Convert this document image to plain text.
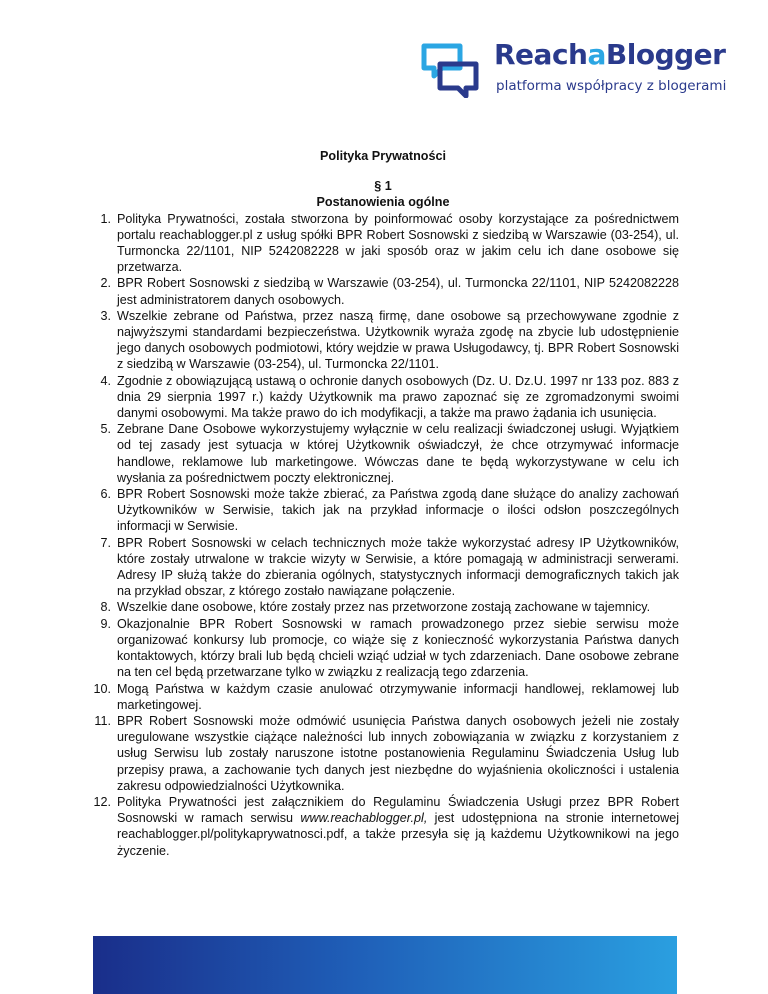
ReachaBlogger
platforma współpracy z blogerami

Polityka Prywatności

§ 1

Postanowienia ogólne

1. Polityka Prywatności, została stworzona by poinformować osoby korzystające za pośrednictwem portalu reachablogger.pl z usług spółki BPR Robert Sosnowski z siedzibą w Warszawie (03-254), ul. Turmoncka 22/1101, NIP 5242082228 w jaki sposób oraz w jakim celu ich dane osobowe się przetwarza.
2. BPR Robert Sosnowski z siedzibą w Warszawie (03-254), ul. Turmoncka 22/1101, NIP 5242082228 jest administratorem danych osobowych.
3. Wszelkie zebrane od Państwa, przez naszą firmę, dane osobowe są przechowywane zgodnie z najwyższymi standardami bezpieczeństwa. Użytkownik wyraża zgodę na zbycie lub udostępnienie jego danych osobowych podmiotowi, który wejdzie w prawa Usługodawcy, tj. BPR Robert Sosnowski z siedzibą w Warszawie (03-254), ul. Turmoncka 22/1101.
4. Zgodnie z obowiązującą ustawą o ochronie danych osobowych (Dz. U. Dz.U. 1997 nr 133 poz. 883 z dnia 29 sierpnia 1997 r.) każdy Użytkownik ma prawo zapoznać się ze zgromadzonymi swoimi danymi osobowymi. Ma także prawo do ich modyfikacji, a także ma prawo żądania ich usunięcia.
5. Zebrane Dane Osobowe wykorzystujemy wyłącznie w celu realizacji świadczonej usługi. Wyjątkiem od tej zasady jest sytuacja w której Użytkownik oświadczył, że chce otrzymywać informacje handlowe, reklamowe lub marketingowe. Wówczas dane te będą wykorzystywane w celu ich wysłania za pośrednictwem poczty elektronicznej.
6. BPR Robert Sosnowski może także zbierać, za Państwa zgodą dane służące do analizy zachowań Użytkowników w Serwisie, takich jak na przykład informacje o ilości odsłon poszczególnych informacji w Serwisie.
7. BPR Robert Sosnowski w celach technicznych może także wykorzystać adresy IP Użytkowników, które zostały utrwalone w trakcie wizyty w Serwisie, a które pomagają w administracji serwerami. Adresy IP służą także do zbierania ogólnych, statystycznych informacji demograficznych takich jak na przykład obszar, z którego zostało nawiązane połączenie.
8. Wszelkie dane osobowe, które zostały przez nas przetworzone zostają zachowane w tajemnicy.
9. Okazjonalnie BPR Robert Sosnowski w ramach prowadzonego przez siebie serwisu może organizować konkursy lub promocje, co wiąże się z konieczność wykorzystania Państwa danych kontaktowych, którzy brali lub będą chcieli wziąć udział w tych zdarzeniach. Dane osobowe zebrane na ten cel będą przetwarzane tylko w związku z realizacją tego zdarzenia.
10. Mogą Państwa w każdym czasie anulować otrzymywanie informacji handlowej, reklamowej lub marketingowej.
11. BPR Robert Sosnowski może odmówić usunięcia Państwa danych osobowych jeżeli nie zostały uregulowane wszystkie ciążące należności lub innych zobowiązania w związku z korzystaniem z usług Serwisu lub zostały naruszone istotne postanowienia Regulaminu Świadczenia Usług lub przepisy prawa, a zachowanie tych danych jest niezbędne do wyjaśnienia okoliczności i ustalenia zakresu odpowiedzialności Użytkownika.
12. Polityka Prywatności jest załącznikiem do Regulaminu Świadczenia Usługi przez BPR Robert Sosnowski w ramach serwisu www.reachablogger.pl, jest udostępniona na stronie internetowej reachablogger.pl/politykaprywatnosci.pdf, a także przesyła się ją każdemu Użytkownikowi na jego życzenie.
